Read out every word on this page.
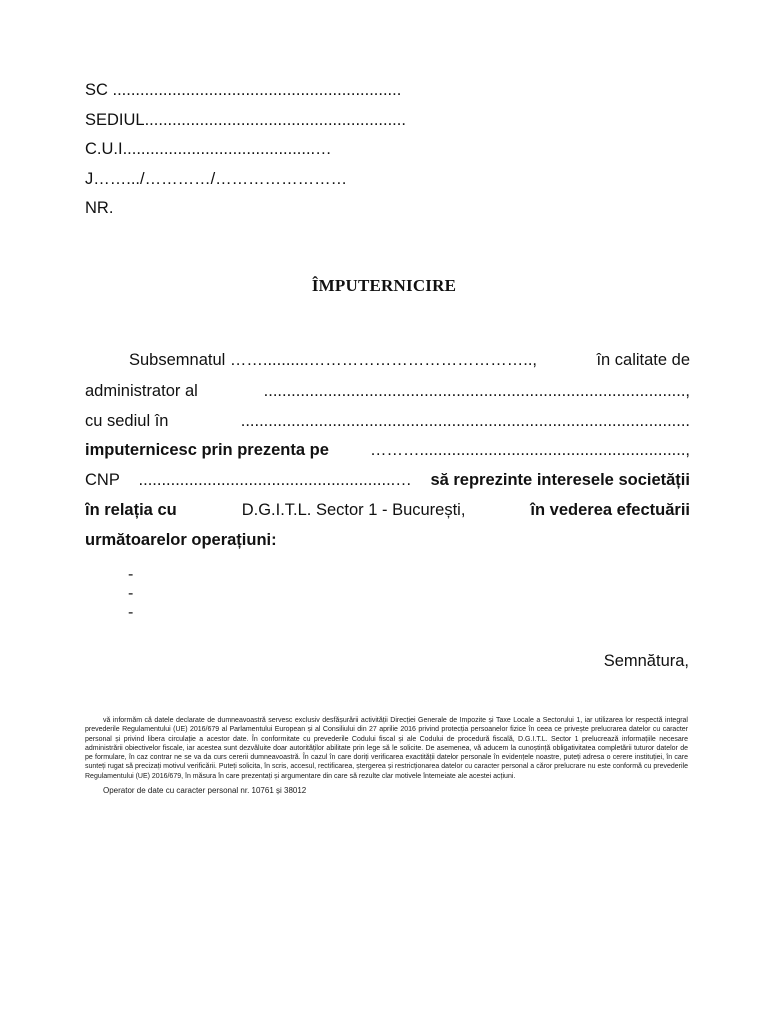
SC ...............................................................
SEDIUL.........................................................
C.U.I..........................................…
J…….../…………/……………………
NR.
ÎMPUTERNICIRE
Subsemnatul ……..........…………………………………..,	în calitate de
administrator al	............................................................................................,
cu sediul în	..................................................................................................
imputernicesc prin prezenta pe ………..........................................................,
CNP ........................................................… să reprezinte interesele societății
în relația cu	D.G.I.T.L. Sector 1 - București,	în vederea efectuării
următoarelor operațiuni:
-
-
-
Semnătura,
vă informăm că datele declarate de dumneavoastră servesc exclusiv desfășurării activității Direcției Generale de Impozite și Taxe Locale a Sectorului 1, iar utilizarea lor respectă integral prevederile Regulamentului (UE) 2016/679 al Parlamentului European și al Consiliului din 27 aprilie 2016 privind protecția persoanelor fizice în ceea ce privește prelucrarea datelor cu caracter personal și privind libera circulație a acestor date. În conformitate cu prevederile Codului fiscal și ale Codului de procedură fiscală, D.G.I.T.L. Sector 1 prelucrează informațiile necesare administrării obiectivelor fiscale, iar acestea sunt dezvăluite doar autorităților abilitate prin lege să le solicite. De asemenea, vă aducem la cunoștință obligativitatea completării tuturor datelor de pe formulare, în caz contrar ne se va da curs cererii dumneavoastră. În cazul în care doriți verificarea exactității datelor personale în evidențele noastre, puteți adresa o cerere instituției, în care sunteți rugat să precizați motivul verificării. Puteți solicita, în scris, accesul, rectificarea, ștergerea și restricționarea datelor cu caracter personal a căror prelucrare nu este conformă cu prevederile Regulamentului (UE) 2016/679, în măsura în care prezentați și argumentare din care să rezulte clar motivele întemeiate ale acestei acțiuni.
Operator de date cu caracter personal nr. 10761 și 38012
